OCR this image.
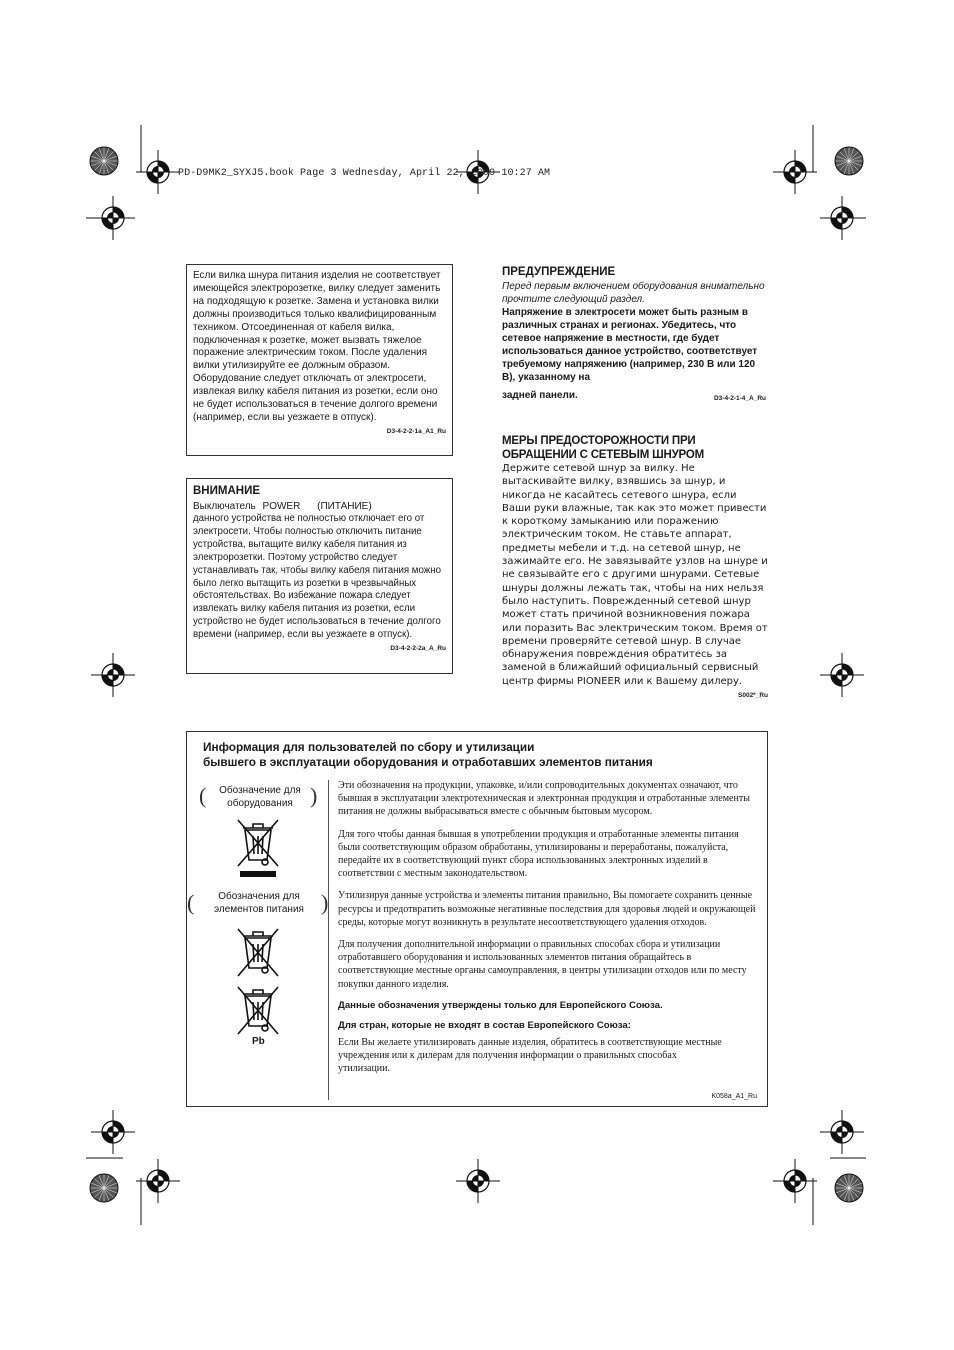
PD-D9MK2_SYXJ5.book Page 3 Wednesday, April 22, 2009 10:27 AM

Если вилка шнура питания изделия не соответствует имеющейся электророзетке, вилку следует заменить на подходящую к розетке. Замена и установка вилки должны производиться только квалифицированным техником. Отсоединенная от кабеля вилка, подключенная к розетке, может вызвать тяжелое поражение электрическим током. После удаления вилки утилизируйте ее должным образом. Оборудование следует отключать от электросети, извлекая вилку кабеля питания из розетки, если оно не будет использоваться в течение долгого времени (например, если вы уезжаете в отпуск).

D3-4-2-2-1a_A1_Ru
ВНИМАНИЕ
Выключатель POWER (ПИТАНИЕ)

данного устройства не полностью отключает его от электросети. Чтобы полностью отключить питание устройства, вытащите вилку кабеля питания из электророзетки. Поэтому устройство следует устанавливать так, чтобы вилку кабеля питания можно было легко вытащить из розетки в чрезвычайных обстоятельствах. Во избежание пожара следует извлекать вилку кабеля питания из розетки, если устройство не будет использоваться в течение долгого времени (например, если вы уезжаете в отпуск).

D3-4-2-2-2a_A_Ru
ПРЕДУПРЕЖДЕНИЕ

Перед первым включением оборудования внимательно прочтите следующий раздел.

Напряжение в электросети может быть разным в различных странах и регионах. Убедитесь, что сетевое напряжение в местности, где будет использоваться данное устройство, соответствует требуемому напряжению (например, 230 В или 120 В), указанному на

задней панели.	D3-4-2-1-4_A_Ru

МЕРЫ ПРЕДОСТОРОЖНОСТИ ПРИ ОБРАЩЕНИИ С СЕТЕВЫМ ШНУРОМ

Держите сетевой шнур за вилку. Не вытаскивайте вилку, взявшись за шнур, и никогда не касайтесь сетевого шнура, если Ваши руки влажные, так как это может привести к короткому замыканию или поражению электрическим током. Не ставьте аппарат, предметы мебели и т.д. на сетевой шнур, не зажимайте его. Не завязывайте узлов на шнуре и не связывайте его с другими шнурами. Сетевые шнуры должны лежать так, чтобы на них нельзя было наступить. Поврежденный сетевой шнур может стать причиной возникновения пожара или поразить Вас электрическим током. Время от времени проверяйте сетевой шнур. В случае обнаружения повреждения обратитесь за заменой в ближайший официальный сервисный центр фирмы PIONEER или к Вашему дилеру.

S002*_Ru
Информация для пользователей по сбору и утилизации
бывшего в эксплуатации оборудования и отработавших элементов питания
(	Обозначение для оборудования )
(	Обозначения для элементов питания )
Pb

Эти обозначения на продукции, упаковке, и/или сопроводительных документах означают, что бывшая в эксплуатации электротехническая и электронная продукция и отработанные элементы питания не должны выбрасываться вместе с обычным бытовым мусором.

Для того чтобы данная бывшая в употреблении продукция и отработанные элементы питания были соответствующим образом обработаны, утилизированы и переработаны, пожалуйста, передайте их в соответствующий пункт сбора использованных электронных изделий в соответствии с местным законодательством.

Утилизируя данные устройства и элементы питания правильно, Вы помогаете сохранить ценные ресурсы и предотвратить возможные негативные последствия для здоровья людей и окружающей среды, которые могут возникнуть в результате несоответствующего удаления отходов.

Для получения дополнительной информации о правильных способах сбора и утилизации отработавшего оборудования и использованных элементов питания обращайтесь в соответствующие местные органы самоуправления, в центры утилизации отходов или по месту покупки данного изделия.

Данные обозначения утверждены только для Европейского Союза.

Для стран, которые не входят в состав Европейского Союза:

Если Вы желаете утилизировать данные изделия, обратитесь в соответствующие местные учреждения или к дилерам для получения информации о правильных способах утилизации.

K058a_A1_Ru
